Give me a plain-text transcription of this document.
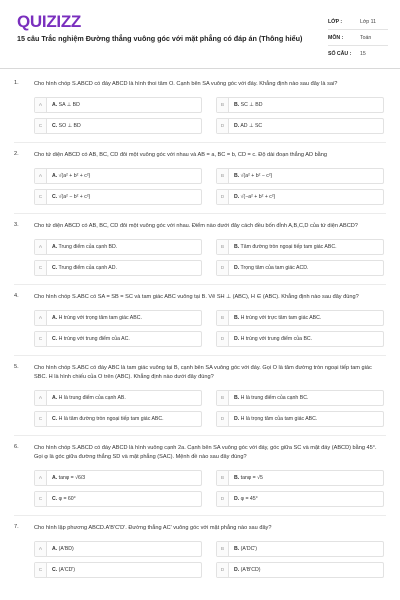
QUIZIZZ
15 câu Trắc nghiệm Đường thẳng vuông góc với mặt phẳng có đáp án (Thông hiểu)
LỚP :	Lớp 11
MÔN :	Toán
SỐ CÂU :	15
1.	Cho hình chóp S.ABCD có đáy ABCD là hình thoi tâm O. Cạnh bên SA vuông góc với đáy. Khẳng định nào sau đây là sai?
A	A. SA ⊥ BD	B	B. SC ⊥ BD
C	C. SO ⊥ BD	D	D. AD ⊥ SC
2.	Cho tứ diện ABCD có AB, BC, CD đôi một vuông góc với nhau và AB = a, BC = b, CD = c. Độ dài đoạn thẳng AD bằng
A	A. √(a² + b² + c²)	B	B. √(a² + b² − c²)
C	C. √(a² − b² + c²)	D	D. √(−a² + b² + c²)
3.	Cho tứ diện ABCD có AB, BC, CD đôi một vuông góc với nhau. Điểm nào dưới đây cách đều bốn đỉnh A,B,C,D của tứ diện ABCD?
A	A. Trung điểm của cạnh BD.	B	B. Tâm đường tròn ngoại tiếp tam giác ABC.
C	C. Trung điểm của cạnh AD.	D	D. Trọng tâm của tam giác ACD.
4.	Cho hình chóp S.ABC có SA = SB = SC và tam giác ABC vuông tại B. Vẽ SH ⊥ (ABC), H ∈ (ABC). Khẳng định nào sau đây đúng?
A	A. H trùng với trọng tâm tam giác ABC.	B	B. H trùng với trực tâm tam giác ABC.
C	C. H trùng với trung điểm của AC.	D	D. H trùng với trung điểm của BC.
5.	Cho hình chóp S.ABC có đáy ABC là tam giác vuông tại B, cạnh bên SA vuông góc với đáy. Gọi O là tâm đường tròn ngoại tiếp tam giác SBC. H là hình chiếu của O trên (ABC). Khẳng định nào dưới đây đúng?
A	A. H là trung điểm của cạnh AB.	B	B. H là trung điểm của cạnh BC.
C	C. H là tâm đường tròn ngoại tiếp tam giác ABC.	D	D. H là trọng tâm của tam giác ABC.
6.	Cho hình chóp S.ABCD có đáy ABCD là hình vuông cạnh 2a. Cạnh bên SA vuông góc với đáy, góc giữa SC và mặt đáy (ABCD) bằng 45°. Gọi φ là góc giữa đường thẳng SD và mặt phẳng (SAC). Mệnh đề nào sau đây đúng?
A	A. tanφ = √6/3	B	B. tanφ = √5
C	C. φ = 60°	D	D. φ = 45°
7.	Cho hình lập phương ABCD.A'B'C'D'. Đường thẳng AC' vuông góc với mặt phẳng nào sau đây?
A	A. (A'BD)	B	B. (A'DC')
C	C. (A'CD')	D	D. (A'B'CD)
